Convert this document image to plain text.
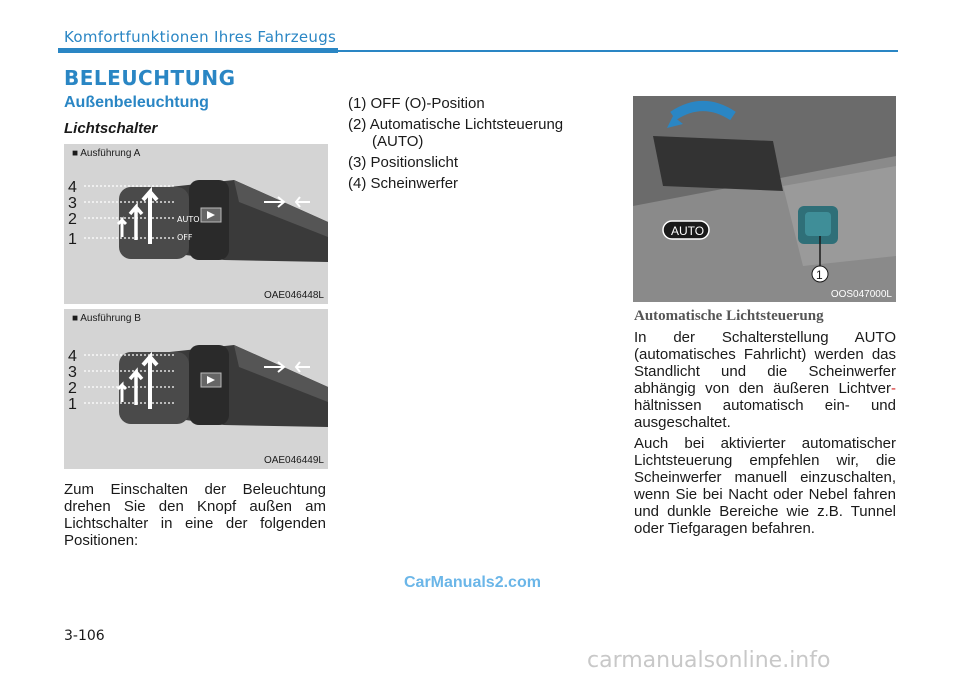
Komfortfunktionen Ihres Fahrzeugs
BELEUCHTUNG
Außenbeleuchtung
Lichtschalter
■ Ausführung A
AUTO
OFF
4
3
2
1
OAE046448L
■ Ausführung B
4
3
2
1
OAE046449L
Zum Einschalten der Beleuchtung drehen Sie den Knopf außen am Lichtschalter in eine der folgenden Positionen:
(1) OFF (O)-Position
(2) Automatische Lichtsteuerung
(AUTO)
(3) Positionslicht
(4) Scheinwerfer
AUTO
1
OOS047000L
Automatische Lichtsteuerung
In der Schalterstellung AUTO (automatisches Fahrlicht) werden das Standlicht und die Scheinwerfer abhängig von den äußeren Lichtver-hältnissen automatisch ein- und ausgeschaltet.
Auch bei aktivierter automatischer Lichtsteuerung empfehlen wir, die Scheinwerfer manuell einzuschalten, wenn Sie bei Nacht oder Nebel fahren und dunkle Bereiche wie z.B. Tunnel oder Tiefgaragen befahren.
CarManuals2.com
3-106
carmanualsonline.info
